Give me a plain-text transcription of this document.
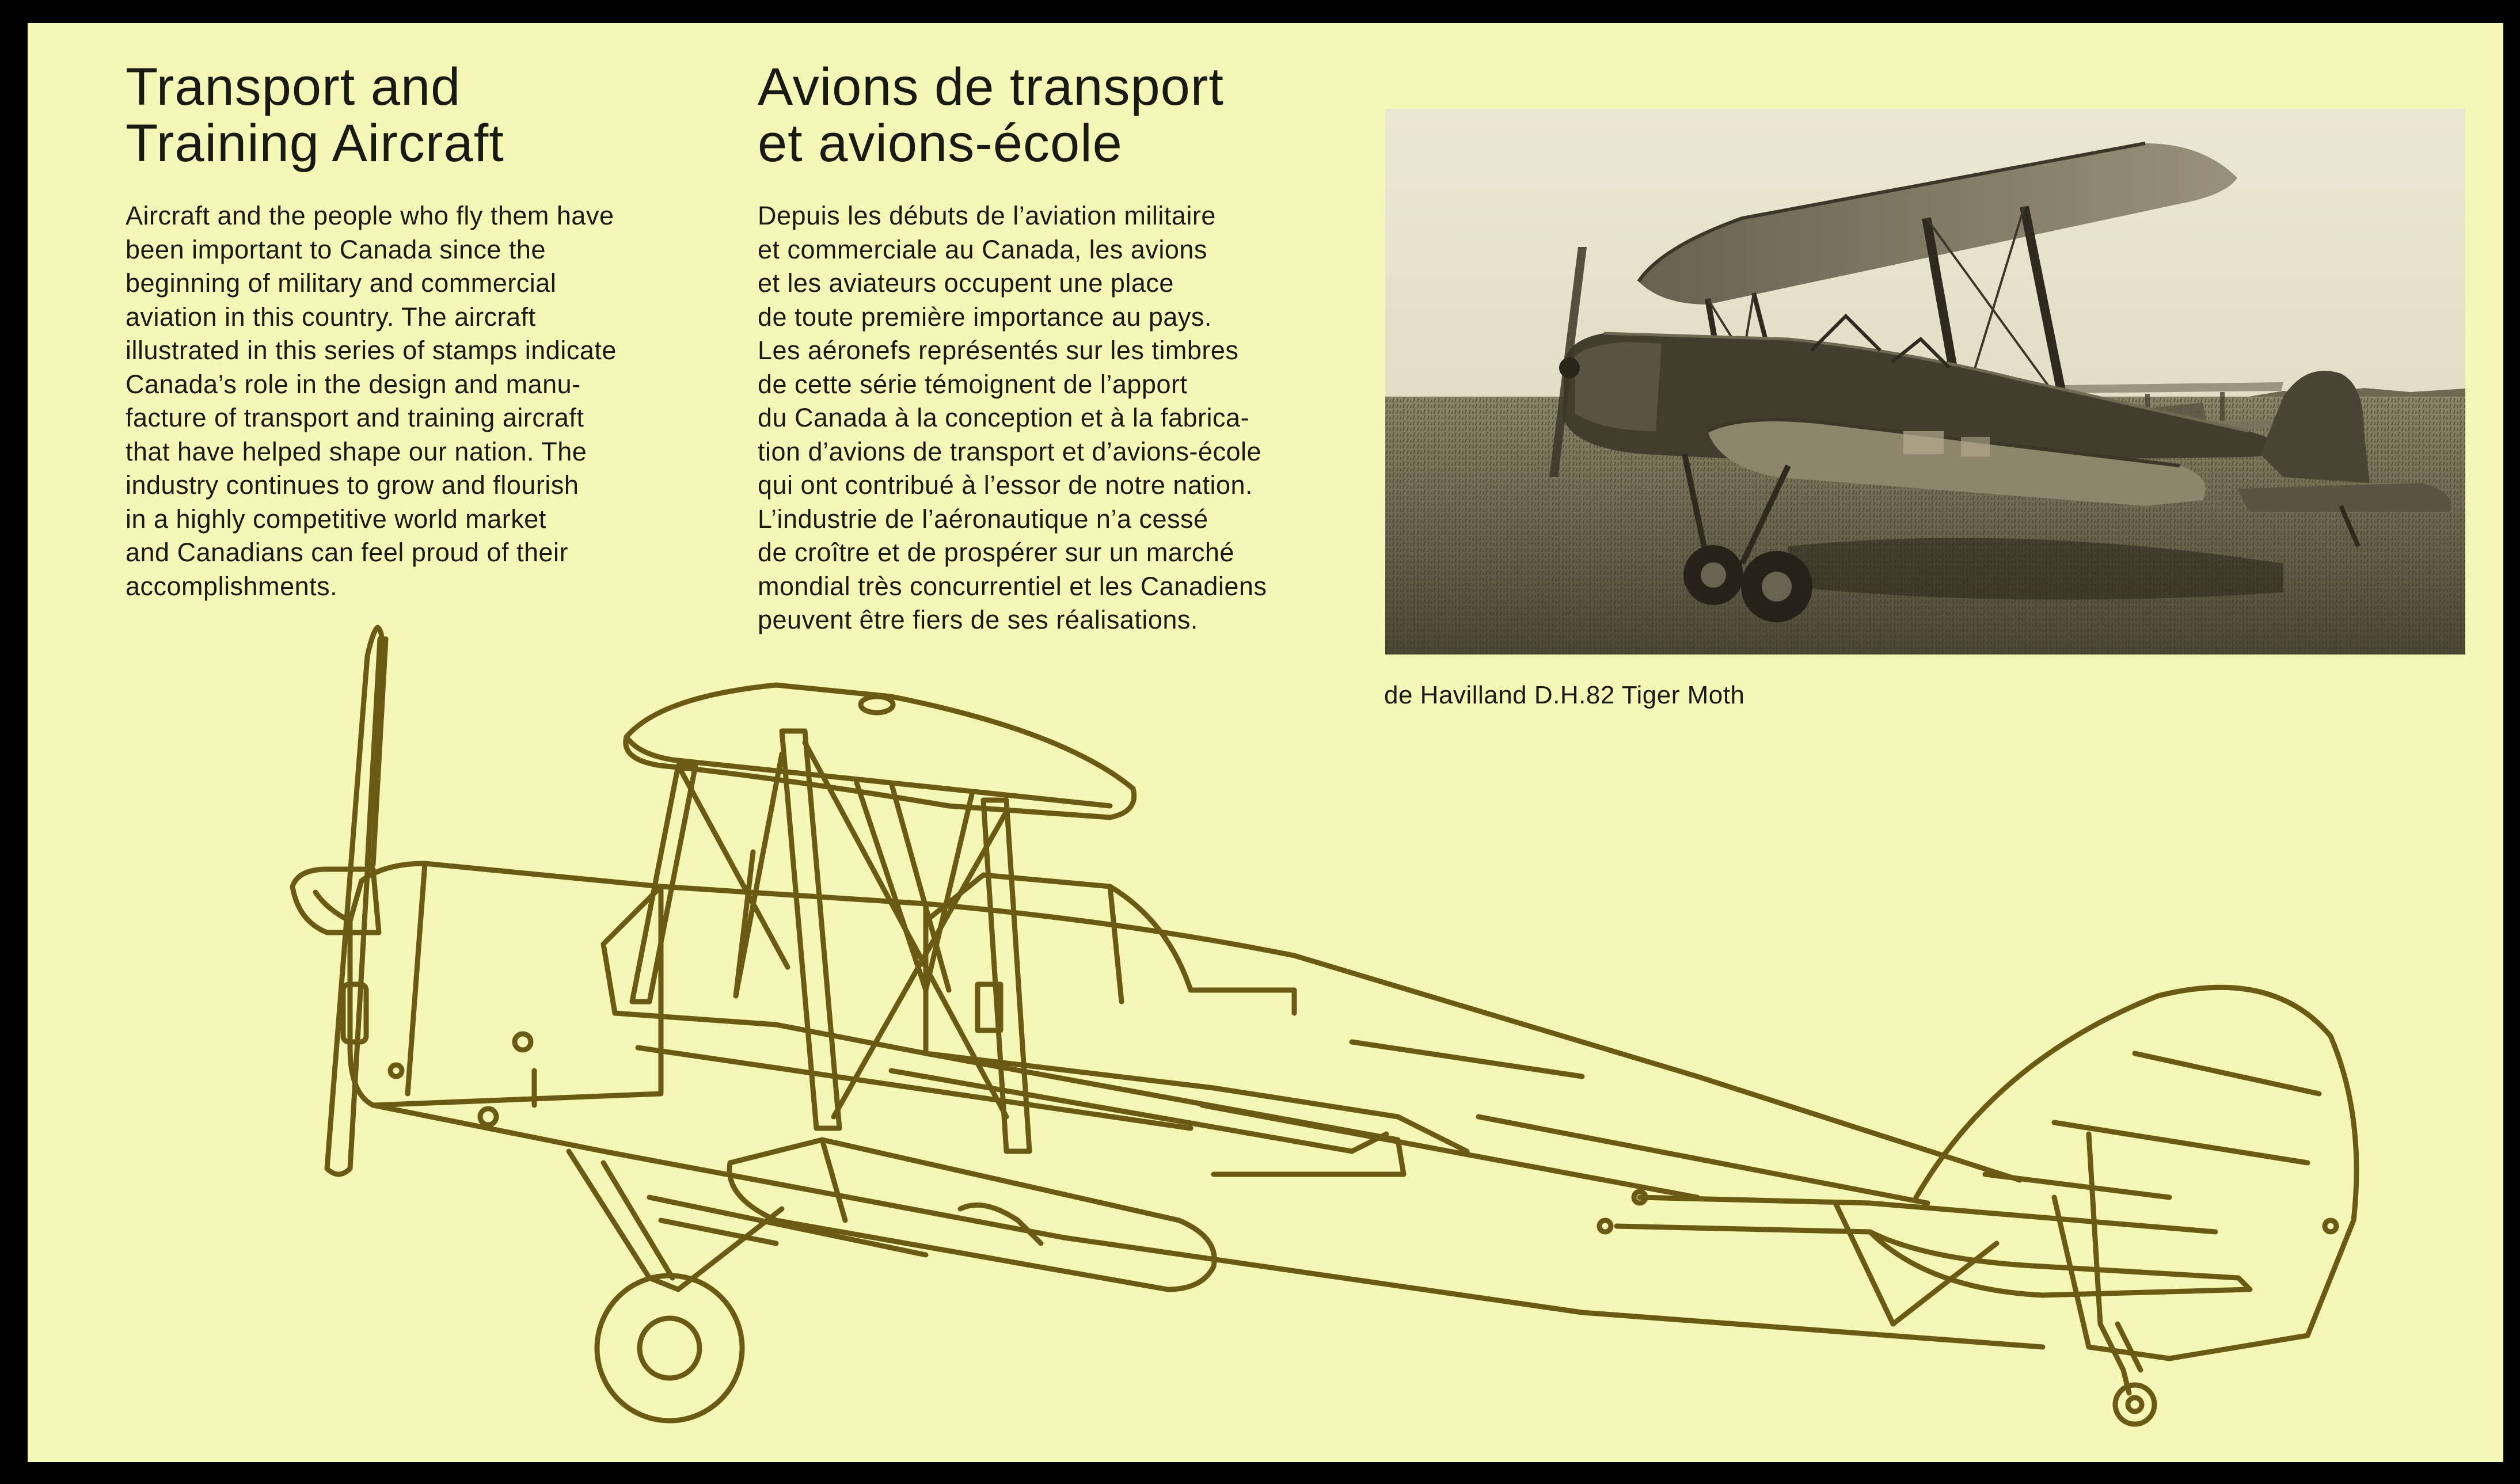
Transport and
Training Aircraft
Avions de transport
et avions-école
Aircraft and the people who fly them have
been important to Canada since the
beginning of military and commercial
aviation in this country. The aircraft
illustrated in this series of stamps indicate
Canada’s role in the design and manu-
facture of transport and training aircraft
that have helped shape our nation. The
industry continues to grow and flourish
in a highly competitive world market
and Canadians can feel proud of their
accomplishments.
Depuis les débuts de l’aviation militaire
et commerciale au Canada, les avions
et les aviateurs occupent une place
de toute première importance au pays.
Les aéronefs représentés sur les timbres
de cette série témoignent de l’apport
du Canada à la conception et à la fabrica-
tion d’avions de transport et d’avions-école
qui ont contribué à l’essor de notre nation.
L’industrie de l’aéronautique n’a cessé
de croître et de prospérer sur un marché
mondial très concurrentiel et les Canadiens
peuvent être fiers de ses réalisations.

de Havilland D.H.82 Tiger Moth
